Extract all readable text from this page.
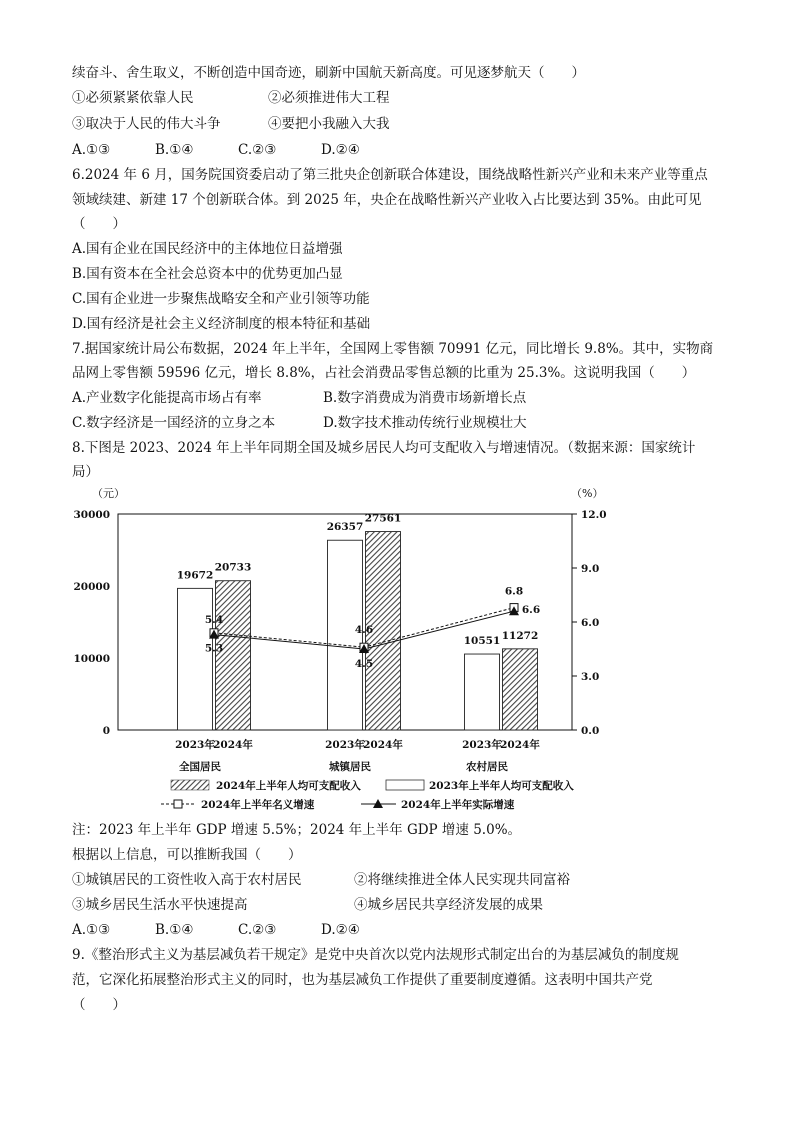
续奋斗、舍生取义，不断创造中国奇迹，刷新中国航天新高度。可见逐梦航天（　　）
①必须紧紧依靠人民	②必须推进伟大工程
③取决于人民的伟大斗争	④要把小我融入大我
A.①③	B.①④	C.②③	D.②④
6.2024 年 6 月，国务院国资委启动了第三批央企创新联合体建设，围绕战略性新兴产业和未来产业等重点
领域续建、新建 17 个创新联合体。到 2025 年，央企在战略性新兴产业收入占比要达到 35%。由此可见
（　　）
A.国有企业在国民经济中的主体地位日益增强
B.国有资本在全社会总资本中的优势更加凸显
C.国有企业进一步聚焦战略安全和产业引领等功能
D.国有经济是社会主义经济制度的根本特征和基础
7.据国家统计局公布数据，2024 年上半年，全国网上零售额 70991 亿元，同比增长 9.8%。其中，实物商
品网上零售额 59596 亿元，增长 8.8%，占社会消费品零售总额的比重为 25.3%。这说明我国（　　）
A.产业数字化能提高市场占有率	B.数字消费成为消费市场新增长点
C.数字经济是一国经济的立身之本	D.数字技术推动传统行业规模壮大
8.下图是 2023、2024 年上半年同期全国及城乡居民人均可支配收入与增速情况。（数据来源：国家统计
局）
（元）	（%）
0
10000
20000
30000
0.0
3.0
6.0
9.0
12.0
19672
20733
26357
27561
10551 11272
5.4
4.6
6.8
5.3
4.5
6.6
2023年
2024年
全国居民
2023年
2024年
城镇居民
2023年
2024年
农村居民
2024年上半年人均可支配收入	2023年上半年人均可支配收入
2024年上半年名义增速	2024年上半年实际增速
注：2023 年上半年 GDP 增速 5.5%；2024 年上半年 GDP 增速 5.0%。
根据以上信息，可以推断我国（　　）
①城镇居民的工资性收入高于农村居民	②将继续推进全体人民实现共同富裕
③城乡居民生活水平快速提高	④城乡居民共享经济发展的成果
A.①③	B.①④	C.②③	D.②④
9.《整治形式主义为基层减负若干规定》是党中央首次以党内法规形式制定出台的为基层减负的制度规
范，它深化拓展整治形式主义的同时，也为基层减负工作提供了重要制度遵循。这表明中国共产党
（　　）
